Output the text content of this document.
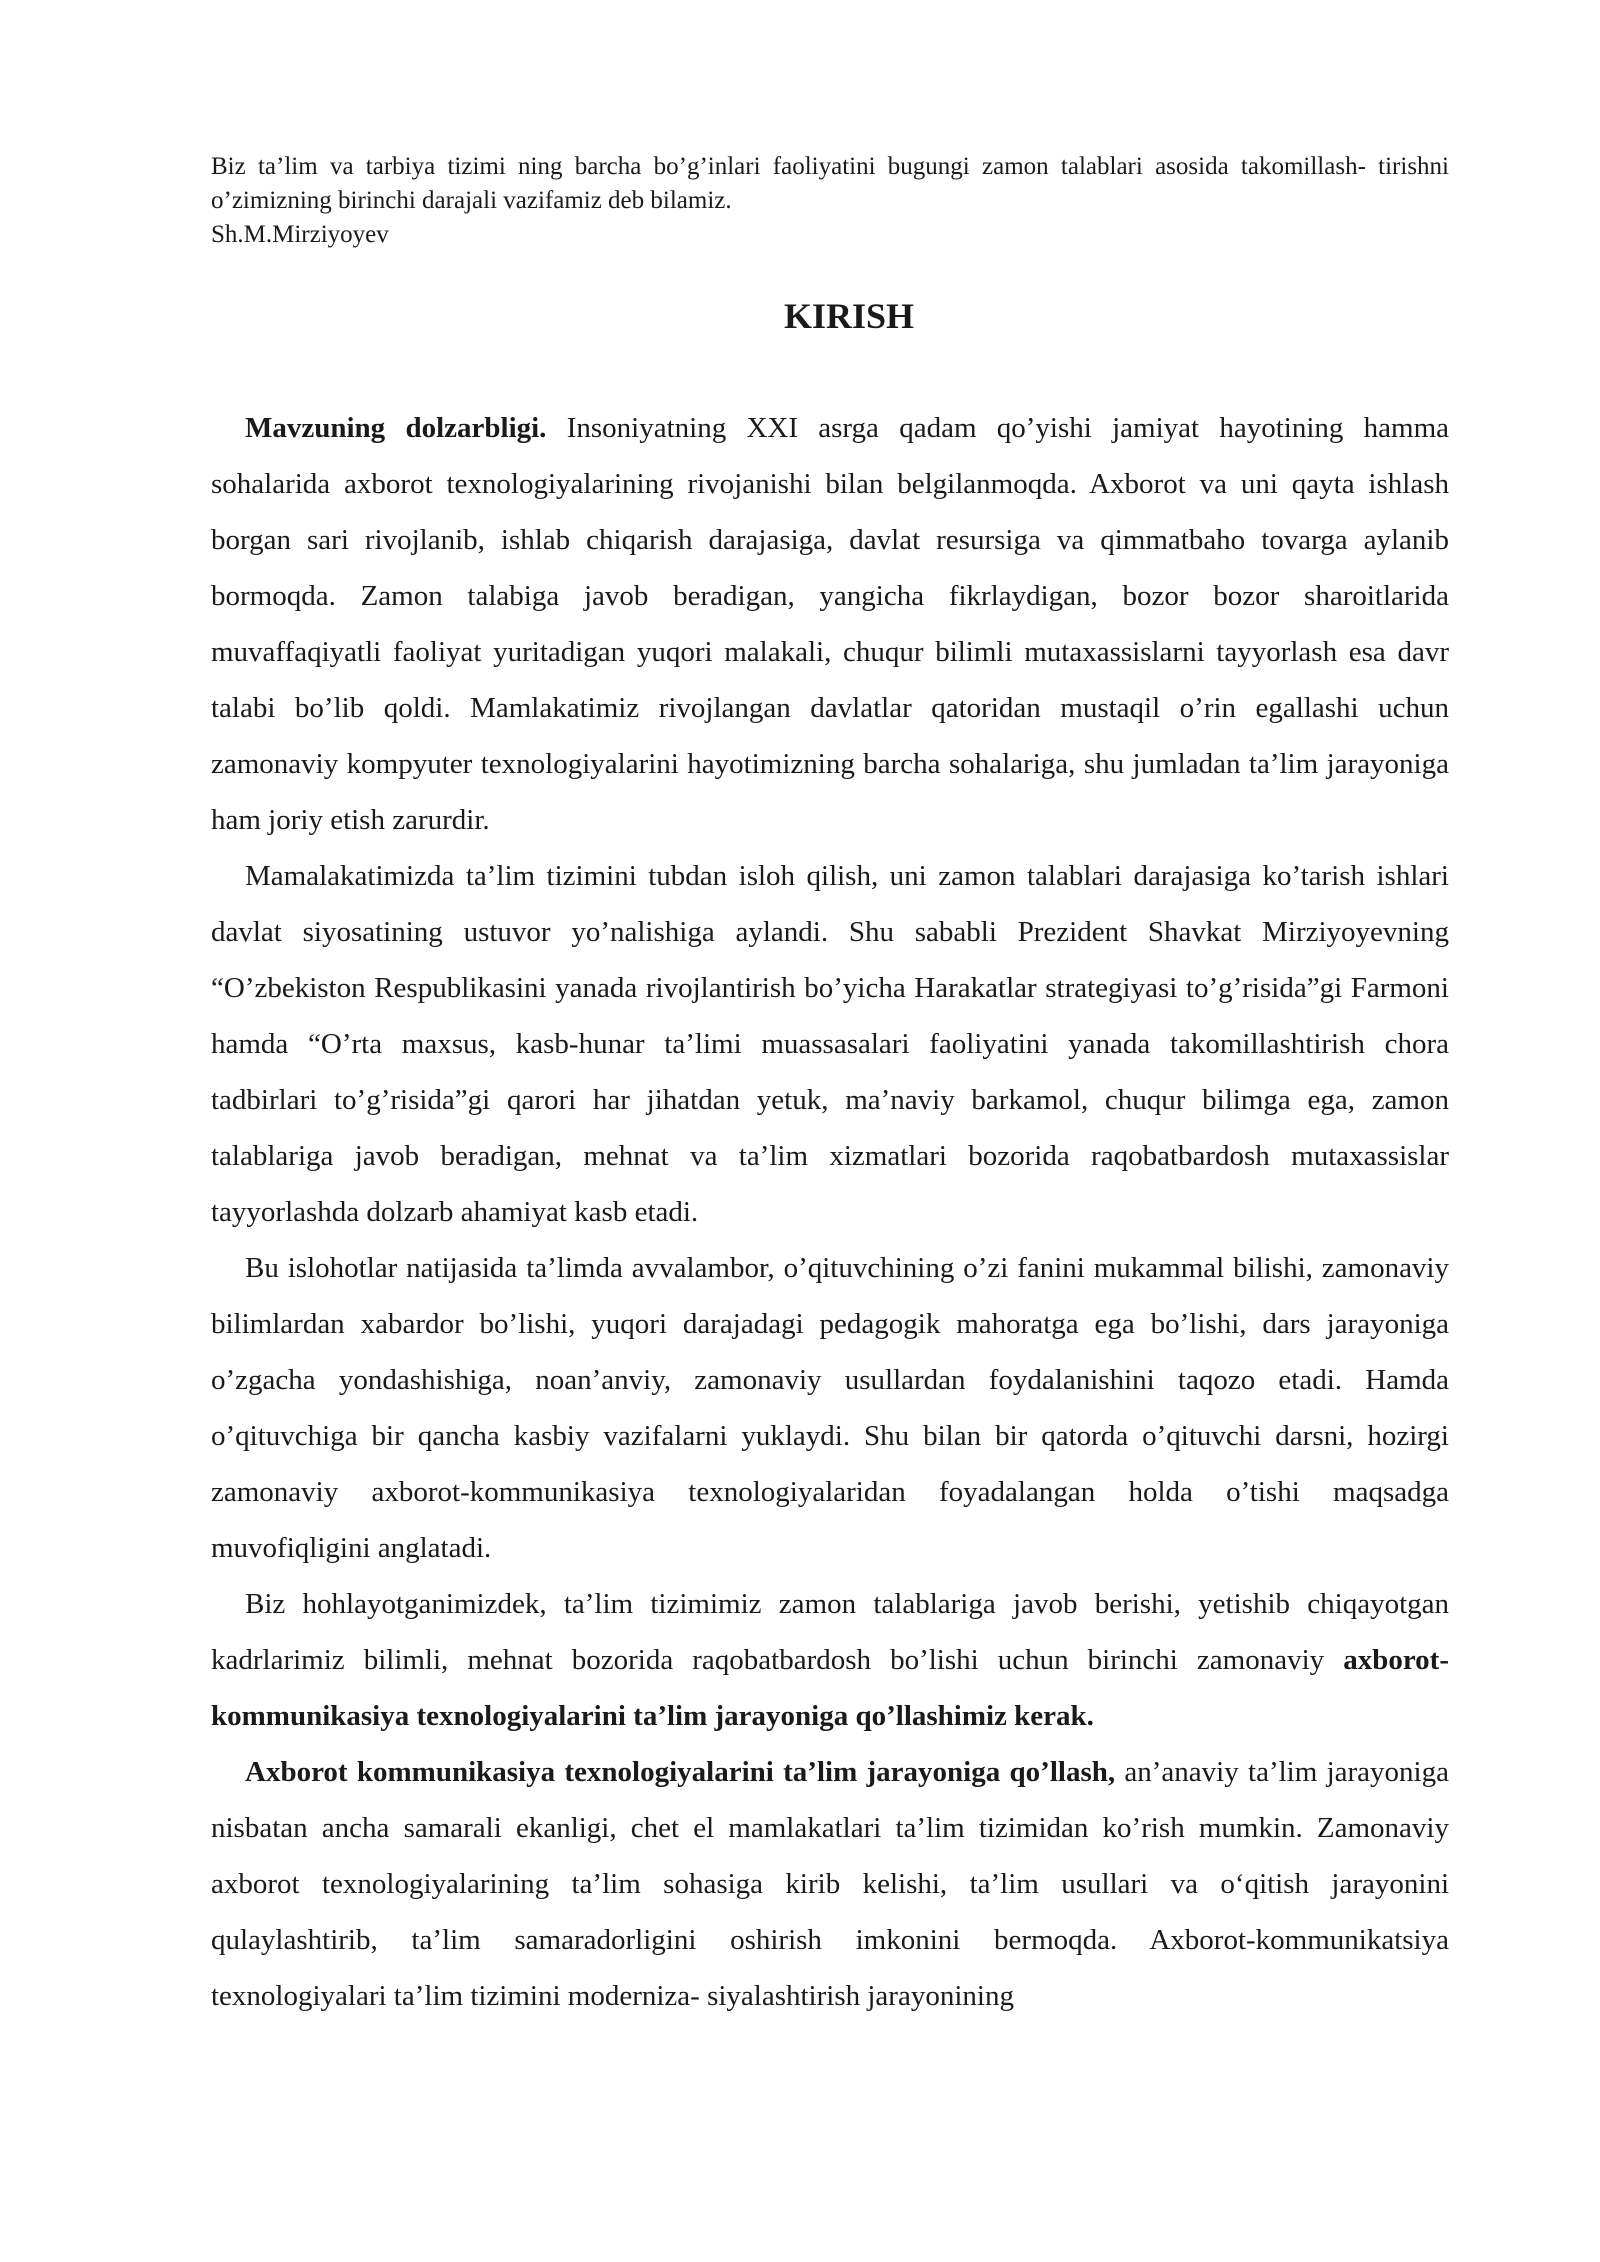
Biz ta’lim va tarbiya tizimi ning barcha bo’g’inlari faoliyatini bugungi zamon talablari asosida takomillash- tirishni o’zimizning birinchi darajali vazifamiz deb bilamiz.
Sh.M.Mirziyoyev
KIRISH

Mavzuning dolzarbligi. Insoniyatning XXI asrga qadam qo’yishi jamiyat hayotining hamma sohalarida axborot texnologiyalarining rivojanishi bilan belgilanmoqda. Axborot va uni qayta ishlash borgan sari rivojlanib, ishlab chiqarish darajasiga, davlat resursiga va qimmatbaho tovarga aylanib bormoqda. Zamon talabiga javob beradigan, yangicha fikrlaydigan, bozor bozor sharoitlarida muvaffaqiyatli faoliyat yuritadigan yuqori malakali, chuqur bilimli mutaxassislarni tayyorlash esa davr talabi bo’lib qoldi. Mamlakatimiz rivojlangan davlatlar qatoridan mustaqil o’rin egallashi uchun zamonaviy kompyuter texnologiyalarini hayotimizning barcha sohalariga, shu jumladan ta’lim jarayoniga ham joriy etish zarurdir.

Mamalakatimizda ta’lim tizimini tubdan isloh qilish, uni zamon talablari darajasiga ko’tarish ishlari davlat siyosatining ustuvor yo’nalishiga aylandi. Shu sababli Prezident Shavkat Mirziyoyevning “O’zbekiston Respublikasini yanada rivojlantirish bo’yicha Harakatlar strategiyasi to’g’risida”gi Farmoni hamda “O’rta maxsus, kasb-hunar ta’limi muassasalari faoliyatini yanada takomillashtirish chora tadbirlari to’g’risida”gi qarori har jihatdan yetuk, ma’naviy barkamol, chuqur bilimga ega, zamon talablariga javob beradigan, mehnat va ta’lim xizmatlari bozorida raqobatbardosh mutaxassislar tayyorlashda dolzarb ahamiyat kasb etadi.

Bu islohotlar natijasida ta’limda avvalambor, o’qituvchining o’zi fanini mukammal bilishi, zamonaviy bilimlardan xabardor bo’lishi, yuqori darajadagi pedagogik mahoratga ega bo’lishi, dars jarayoniga o’zgacha yondashishiga, noan’anviy, zamonaviy usullardan foydalanishini taqozo etadi. Hamda o’qituvchiga bir qancha kasbiy vazifalarni yuklaydi. Shu bilan bir qatorda o’qituvchi darsni, hozirgi zamonaviy axborot-kommunikasiya texnologiyalaridan foyadalangan holda o’tishi maqsadga muvofiqligini anglatadi.

Biz hohlayotganimizdek, ta’lim tizimimiz zamon talablariga javob berishi, yetishib chiqayotgan kadrlarimiz bilimli, mehnat bozorida raqobatbardosh bo’lishi uchun birinchi zamonaviy axborot-kommunikasiya texnologiyalarini ta’lim jarayoniga qo’llashimiz kerak.

Axborot kommunikasiya texnologiyalarini ta’lim jarayoniga qo’llash, an’anaviy ta’lim jarayoniga nisbatan ancha samarali ekanligi, chet el mamlakatlari ta’lim tizimidan ko’rish mumkin. Zamonaviy axborot texnologiyalarining ta’lim sohasiga kirib kelishi, ta’lim usullari va o‘qitish jarayonini qulaylashtirib, ta’lim samaradorligini oshirish imkonini bermoqda. Axborot-kommunikatsiya texnologiyalari ta’lim tizimini moderniza- siyalashtirish jarayonining
